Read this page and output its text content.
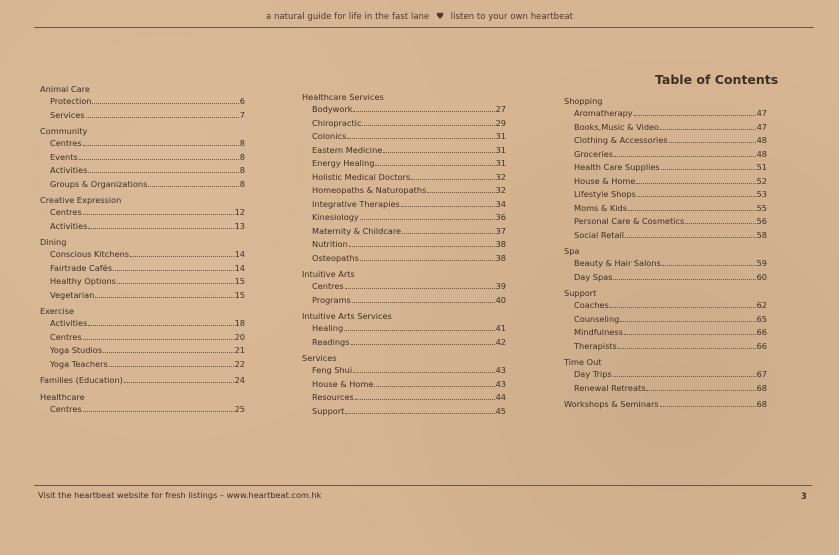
a natural guide for life in the fast lane ♥ listen to your own heartbeat
Table of Contents
Animal Care
Protection	6
Services	7
Community
Centres	8
Events	8
Activities	8
Groups & Organizations	8
Creative Expression
Centres	12
Activities	13
Dining
Conscious Kitchens	14
Fairtrade Cafés	14
Healthy Options	15
Vegetarian	15
Exercise
Activities	18
Centres	20
Yoga Studios	21
Yoga Teachers	22
Families (Education)	24
Healthcare
Centres	25
Healthcare Services
Bodywork	27
Chiropractic	29
Colonics	31
Eastern Medicine	31
Energy Healing	31
Holistic Medical Doctors	32
Homeopaths & Naturopaths	32
Integrative Therapies	34
Kinesiology	36
Maternity & Childcare	37
Nutrition	38
Osteopaths	38
Intuitive Arts
Centres	39
Programs	40
Intuitive Arts Services
Healing	41
Readings	42
Services
Feng Shui	43
House & Home	43
Resources	44
Support	45
Shopping
Aromatherapy	47
Books,Music & Video	47
Clothing & Accessories	48
Groceries	48
Health Care Supplies	51
House & Home	52
Lifestyle Shops	53
Moms & Kids	55
Personal Care & Cosmetics	56
Social Retail	58
Spa
Beauty & Hair Salons	59
Day Spas	60
Support
Coaches	62
Counseling	65
Mindfulness	66
Therapists	66
Time Out
Day Trips	67
Renewal Retreats	68
Workshops & Seminars	68
Visit the heartbeat website for fresh listings – www.heartbeat.com.hk	3
